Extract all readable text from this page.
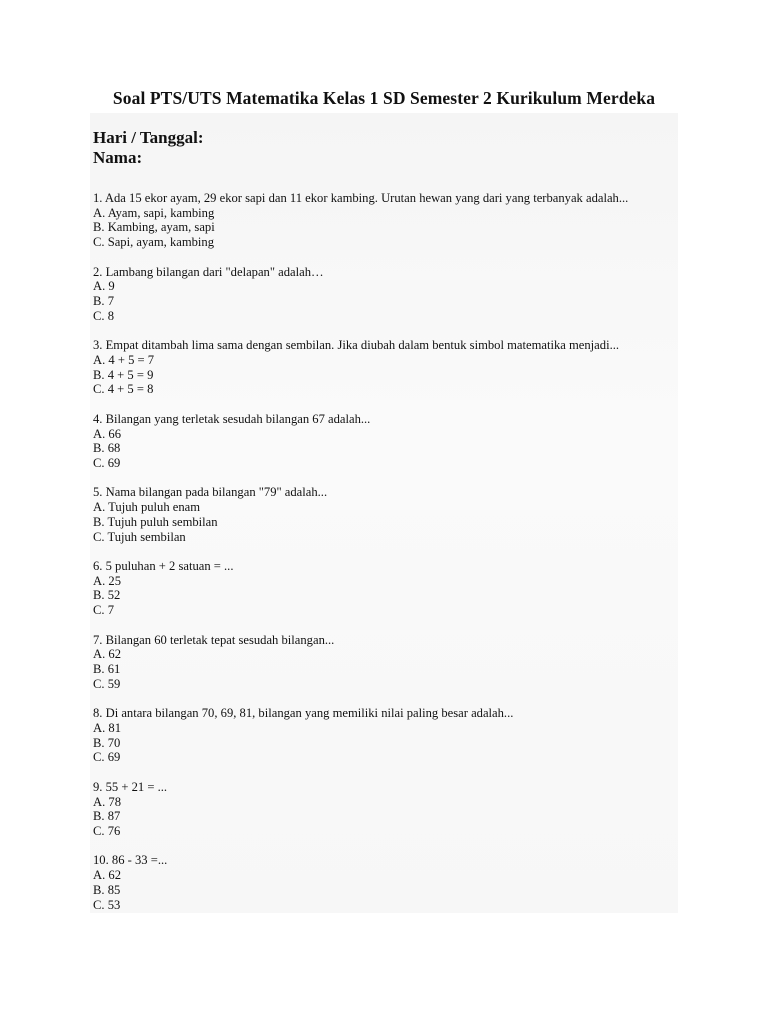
Soal PTS/UTS Matematika Kelas 1 SD Semester 2 Kurikulum Merdeka
Hari / Tanggal:
Nama:
1. Ada 15 ekor ayam, 29 ekor sapi dan 11 ekor kambing. Urutan hewan yang dari yang terbanyak adalah...
A. Ayam, sapi, kambing
B. Kambing, ayam, sapi
C. Sapi, ayam, kambing
2. Lambang bilangan dari "delapan" adalah…
A. 9
B. 7
C. 8
3. Empat ditambah lima sama dengan sembilan. Jika diubah dalam bentuk simbol matematika menjadi...
A. 4 + 5 = 7
B. 4 + 5 = 9
C. 4 + 5 = 8
4. Bilangan yang terletak sesudah bilangan 67 adalah...
A. 66
B. 68
C. 69
5. Nama bilangan pada bilangan "79" adalah...
A. Tujuh puluh enam
B. Tujuh puluh sembilan
C. Tujuh sembilan
6. 5 puluhan + 2 satuan = ...
A. 25
B. 52
C. 7
7. Bilangan 60 terletak tepat sesudah bilangan...
A. 62
B. 61
C. 59
8. Di antara bilangan 70, 69, 81, bilangan yang memiliki nilai paling besar adalah...
A. 81
B. 70
C. 69
9. 55 + 21 = ...
A. 78
B. 87
C. 76
10. 86 - 33 =...
A. 62
B. 85
C. 53
